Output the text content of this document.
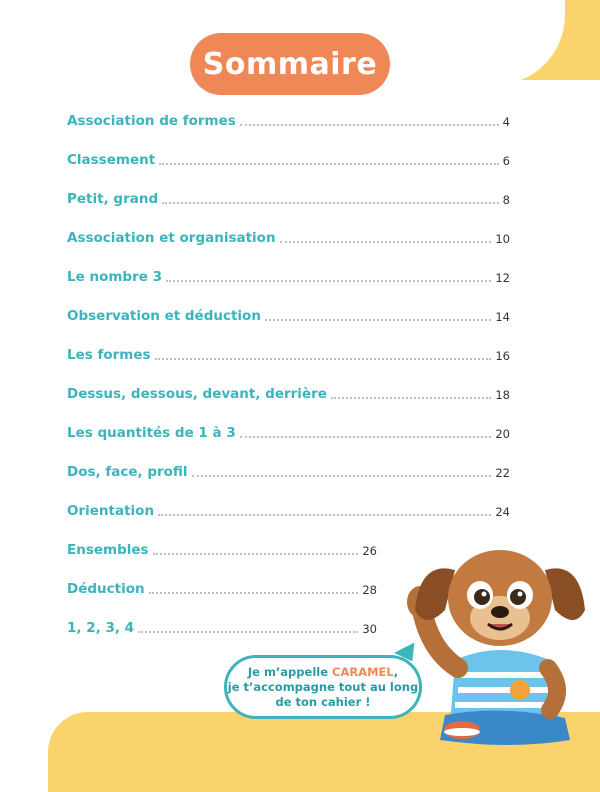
Sommaire
Association de formes	4
Classement	6
Petit, grand	8
Association et organisation	10
Le nombre 3	12
Observation et déduction	14
Les formes	16
Dessus, dessous, devant, derrière	18
Les quantités de 1 à 3	20
Dos, face, profil	22
Orientation	24
Ensembles	26
Déduction	28
1, 2, 3, 4	30
Je m’appelle CARAMEL,
je t’accompagne tout au long
de ton cahier !
